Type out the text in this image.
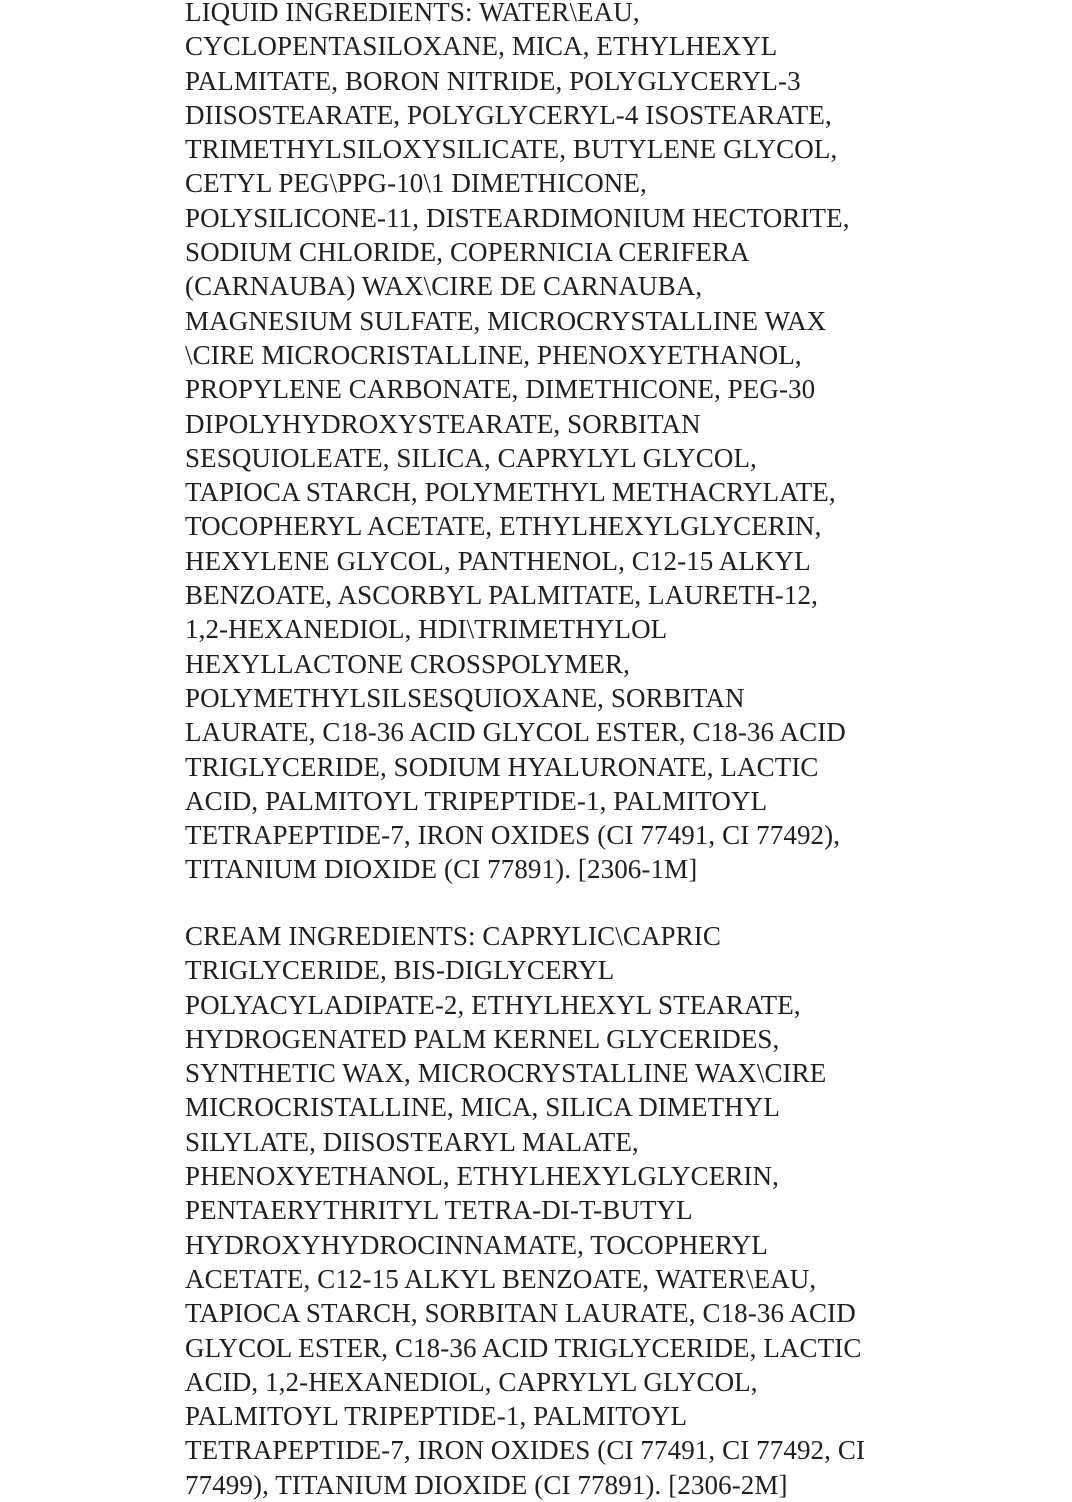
LIQUID INGREDIENTS: WATER\EAU,
CYCLOPENTASILOXANE, MICA, ETHYLHEXYL
PALMITATE, BORON NITRIDE, POLYGLYCERYL-3
DIISOSTEARATE, POLYGLYCERYL-4 ISOSTEARATE,
TRIMETHYLSILOXYSILICATE, BUTYLENE GLYCOL,
CETYL PEG\PPG-10\1 DIMETHICONE,
POLYSILICONE-11, DISTEARDIMONIUM HECTORITE,
SODIUM CHLORIDE, COPERNICIA CERIFERA
(CARNAUBA) WAX\CIRE DE CARNAUBA,
MAGNESIUM SULFATE, MICROCRYSTALLINE WAX
\CIRE MICROCRISTALLINE, PHENOXYETHANOL,
PROPYLENE CARBONATE, DIMETHICONE, PEG-30
DIPOLYHYDROXYSTEARATE, SORBITAN
SESQUIOLEATE, SILICA, CAPRYLYL GLYCOL,
TAPIOCA STARCH, POLYMETHYL METHACRYLATE,
TOCOPHERYL ACETATE, ETHYLHEXYLGLYCERIN,
HEXYLENE GLYCOL, PANTHENOL, C12-15 ALKYL
BENZOATE, ASCORBYL PALMITATE, LAURETH-12,
1,2-HEXANEDIOL, HDI\TRIMETHYLOL
HEXYLLACTONE CROSSPOLYMER,
POLYMETHYLSILSESQUIOXANE, SORBITAN
LAURATE, C18-36 ACID GLYCOL ESTER, C18-36 ACID
TRIGLYCERIDE, SODIUM HYALURONATE, LACTIC
ACID, PALMITOYL TRIPEPTIDE-1, PALMITOYL
TETRAPEPTIDE-7, IRON OXIDES (CI 77491, CI 77492),
TITANIUM DIOXIDE (CI 77891). [2306-1M]
CREAM INGREDIENTS: CAPRYLIC\CAPRIC
TRIGLYCERIDE, BIS-DIGLYCERYL
POLYACYLADIPATE-2, ETHYLHEXYL STEARATE,
HYDROGENATED PALM KERNEL GLYCERIDES,
SYNTHETIC WAX, MICROCRYSTALLINE WAX\CIRE
MICROCRISTALLINE, MICA, SILICA DIMETHYL
SILYLATE, DIISOSTEARYL MALATE,
PHENOXYETHANOL, ETHYLHEXYLGLYCERIN,
PENTAERYTHRITYL TETRA-DI-T-BUTYL
HYDROXYHYDROCINNAMATE, TOCOPHERYL
ACETATE, C12-15 ALKYL BENZOATE, WATER\EAU,
TAPIOCA STARCH, SORBITAN LAURATE, C18-36 ACID
GLYCOL ESTER, C18-36 ACID TRIGLYCERIDE, LACTIC
ACID, 1,2-HEXANEDIOL, CAPRYLYL GLYCOL,
PALMITOYL TRIPEPTIDE-1, PALMITOYL
TETRAPEPTIDE-7, IRON OXIDES (CI 77491, CI 77492, CI
77499), TITANIUM DIOXIDE (CI 77891). [2306-2M]
